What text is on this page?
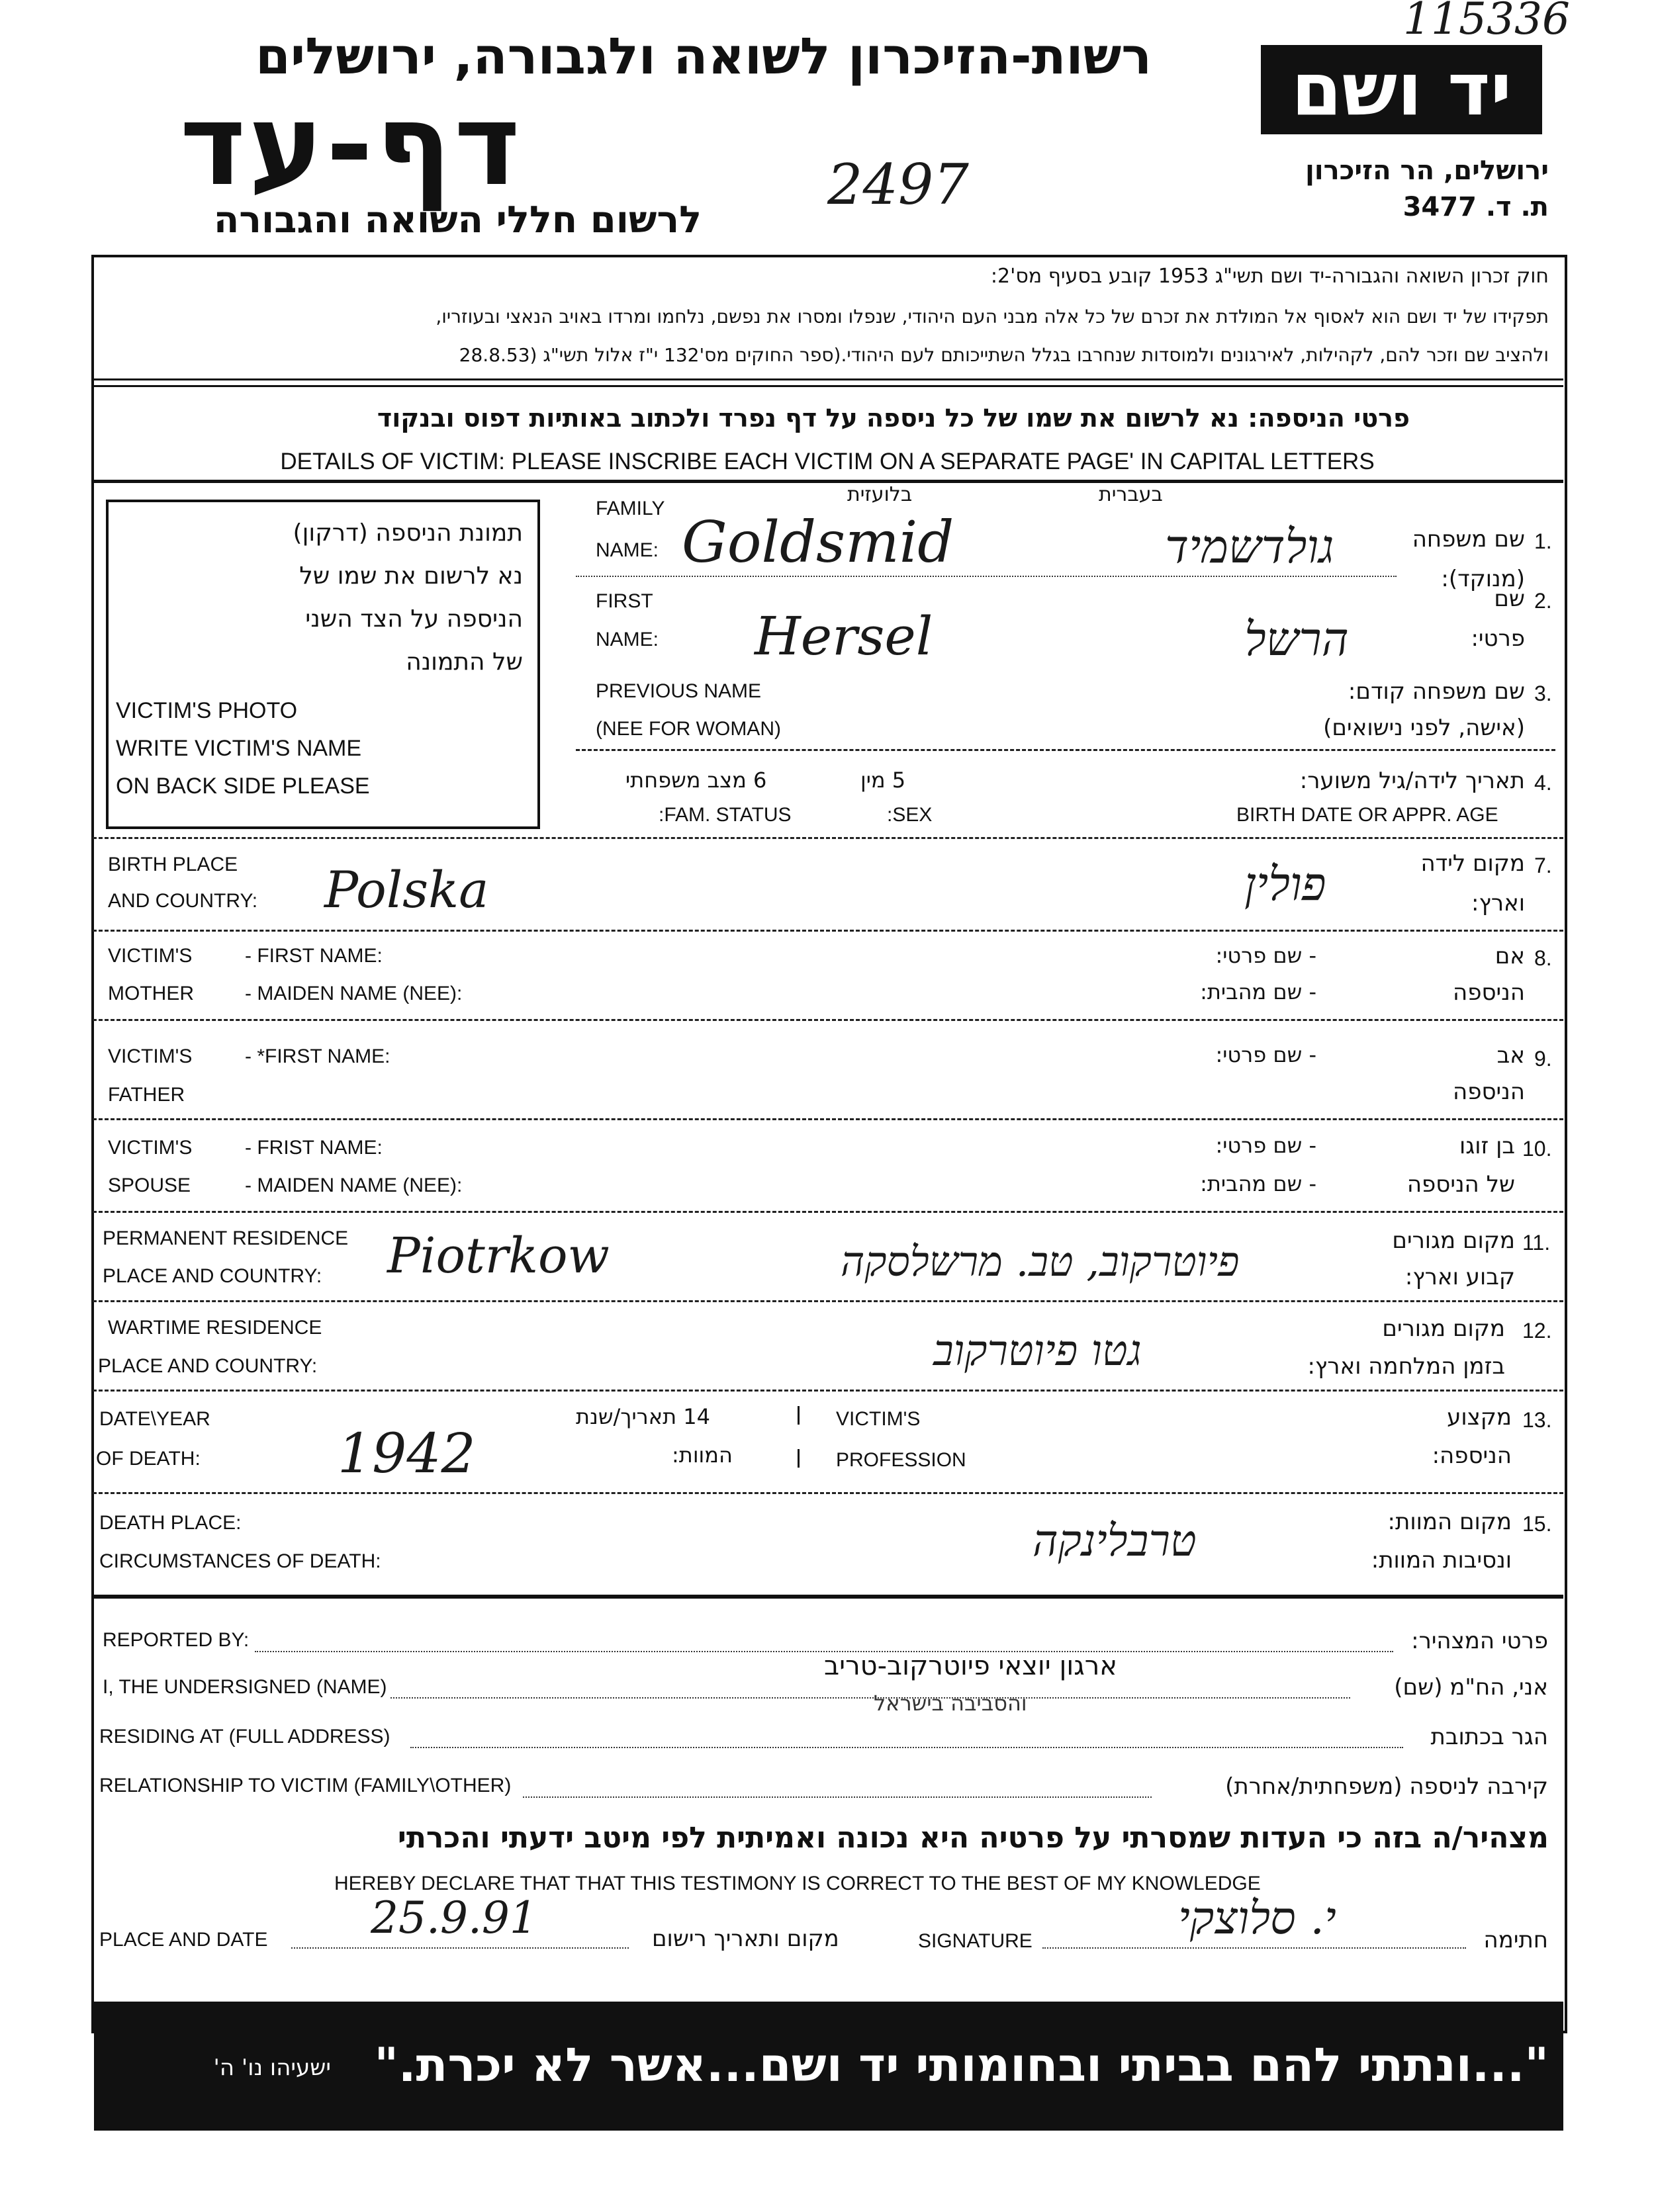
115336
רשות-הזיכרון לשואה ולגבורה, ירושלים
דף-עד
לרשום חללי השואה והגבורה
2497
יד ושם
ירושלים, הר הזיכרון
ת. ד. 3477
חוק זכרון השואה והגבורה-יד ושם תשי"ג 1953 קובע בסעיף מס'2:
תפקידו של יד ושם הוא לאסוף אל המולדת את זכרם של כל אלה מבני העם היהודי, שנפלו ומסרו את נפשם, נלחמו ומרדו באויב הנאצי ובעוזריו,
ולהציב שם וזכר להם, לקהילות, לאירגונים ולמוסדות שנחרבו בגלל השתייכותם לעם היהודי.(ספר החוקים מס'132 י"ז אלול תשי"ג (28.8.53
פרטי הניספה: נא לרשום את שמו של כל ניספה על דף נפרד ולכתוב באותיות דפוס ובנקוד
DETAILS OF VICTIM: PLEASE INSCRIBE EACH VICTIM ON A SEPARATE PAGE' IN CAPITAL LETTERS
תמונת הניספה (דרקון)
נא לרשום את שמו של
הניספה על הצד השני
של התמונה
VICTIM'S PHOTO
WRITE VICTIM'S NAME
ON BACK SIDE PLEASE
בלועזית	בעברית
1.
שם משפחה
(מנוקד):
FAMILY
NAME: Goldsmid	גולדשמיד
2.
שם
פרטי:
FIRST
NAME: Hersel	הרשל
3.
שם משפחה קודם:
(אישה, לפני נישואים)
PREVIOUS NAME
(NEE FOR WOMAN)
4.
תאריך לידה/גיל משוער:
BIRTH DATE OR APPR. AGE
5 מין
:SEX
6 מצב משפחתי
:FAM. STATUS
7.
מקום לידה
וארץ:
BIRTH PLACE
AND COUNTRY: Polska	פולין
8.
אם
הניספה
- שם פרטי:
- שם מהבית:
VICTIM'S
MOTHER
- FIRST NAME:
- MAIDEN NAME (NEE):
9.
אב
הניספה
- שם פרטי:
VICTIM'S
FATHER
- *FIRST NAME:
10.
בן זוגו
של הניספה
- שם פרטי:
- שם מהבית:
VICTIM'S
SPOUSE
- FRIST NAME:
- MAIDEN NAME (NEE):
11.
מקום מגורים
קבוע וארץ:
PERMANENT RESIDENCE
PLACE AND COUNTRY: Piotrkow	פיוטרקוב, טב. מרשלסקה
12.
מקום מגורים
בזמן המלחמה וארץ:
WARTIME RESIDENCE
PLACE AND COUNTRY:	גטו פיוטרקוב
13.
מקצוע
הניספה:
VICTIM'S
PROFESSION
14 תאריך/שנת
המוות:
DATE\YEAR
OF DEATH:	1942
15.
מקום המוות:
ונסיבות המוות:
DEATH PLACE:
CIRCUMSTANCES OF DEATH:	טרבלינקה
פרטי המצהיר:
REPORTED BY:
אני, הח"מ (שם)
I, THE UNDERSIGNED (NAME)
ארגון יוצאי פיוטרקוב-טריב
והסביבה בישראל
הגר בכתובת
RESIDING AT (FULL ADDRESS)
קירבה לניספה (משפחתית/אחרת)
RELATIONSHIP TO VICTIM (FAMILY\OTHER)
מצהיר/ה בזה כי העדות שמסרתי על פרטיה היא נכונה ואמיתית לפי מיטב ידעתי והכרתי
HEREBY DECLARE THAT THAT THIS TESTIMONY IS CORRECT TO THE BEST OF MY KNOWLEDGE
PLACE AND DATE 25.9.91	מקום ותאריך רישום	SIGNATURE	י. סלוצקי	חתימה
"...ונתתי להם בביתי ובחומותי יד ושם...אשר לא יכרת."
ישעיהו נו' ה'
